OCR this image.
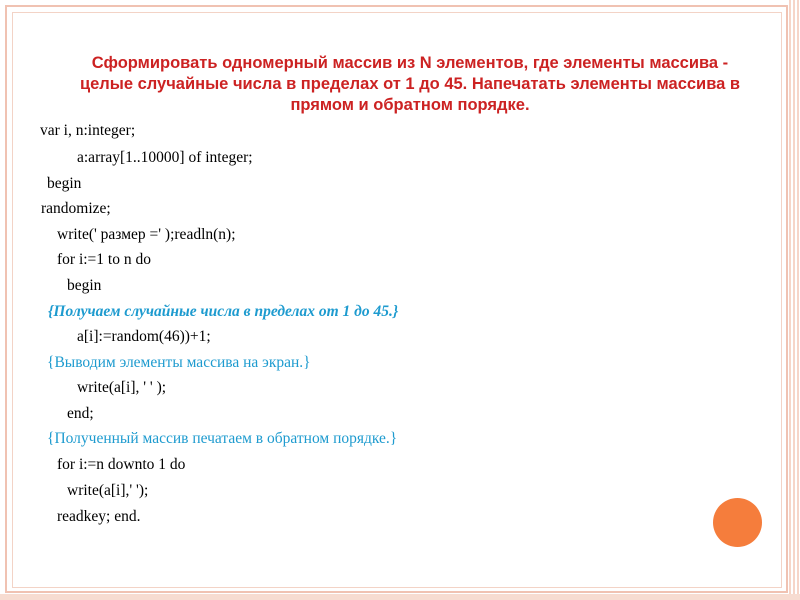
Сформировать одномерный массив из N элементов, где элементы массива - целые случайные числа в пределах от 1 до 45. Напечатать элементы массива в прямом и обратном порядке.
var i, n:integer;
a:array[1..10000] of integer;
begin
randomize;
write(' размер =' );readln(n);
for i:=1 to n do
begin
{Получаем случайные числа в пределах от 1 до 45.}
a[i]:=random(46))+1;
{Выводим элементы массива на экран.}
write(a[i], ' ' );
end;
{Полученный массив печатаем в обратном порядке.}
for i:=n downto 1 do
write(a[i],' ');
readkey; end.
